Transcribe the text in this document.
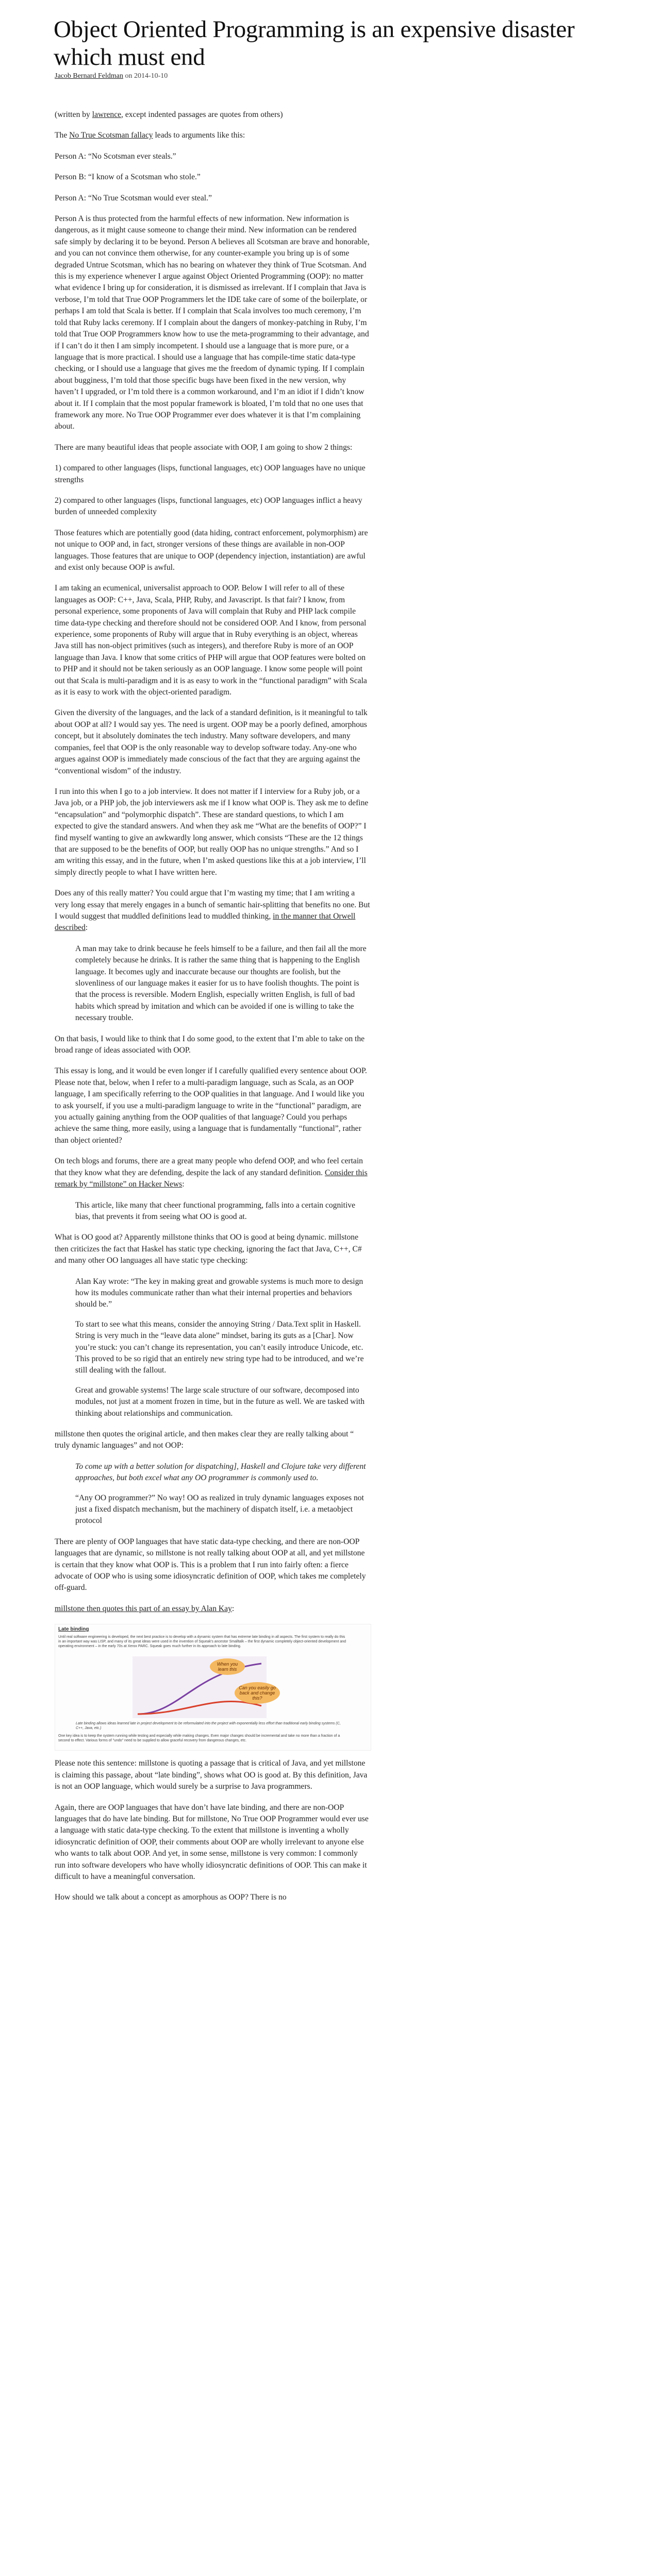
Object Oriented Programming is an expensive disaster which must end
Jacob Bernard Feldman on 2014-10-10

(written by lawrence, except indented passages are quotes from others)

The No True Scotsman fallacy leads to arguments like this:

Person A: “No Scotsman ever steals.”

Person B: “I know of a Scotsman who stole.”

Person A: “No True Scotsman would ever steal.”

Person A is thus protected from the harmful effects of new information. New information is dangerous, as it might cause someone to change their mind. New information can be rendered safe simply by declaring it to be beyond. Person A believes all Scotsman are brave and honorable, and you can not convince them otherwise, for any counter-example you bring up is of some degraded Untrue Scotsman, which has no bearing on whatever they think of True Scotsman. And this is my experience whenever I argue against Object Oriented Programming (OOP): no matter what evidence I bring up for consideration, it is dismissed as irrelevant. If I complain that Java is verbose, I’m told that True OOP Programmers let the IDE take care of some of the boilerplate, or perhaps I am told that Scala is better. If I complain that Scala involves too much ceremony, I’m told that Ruby lacks ceremony. If I complain about the dangers of monkey-patching in Ruby, I’m told that True OOP Programmers know how to use the meta-programming to their advantage, and if I can’t do it then I am simply incompetent. I should use a language that is more pure, or a language that is more practical. I should use a language that has compile-time static data-type checking, or I should use a language that gives me the freedom of dynamic typing. If I complain about bugginess, I’m told that those specific bugs have been fixed in the new version, why haven’t I upgraded, or I’m told there is a common workaround, and I’m an idiot if I didn’t know about it. If I complain that the most popular framework is bloated, I’m told that no one uses that framework any more. No True OOP Programmer ever does whatever it is that I’m complaining about.

There are many beautiful ideas that people associate with OOP, I am going to show 2 things:

1) compared to other languages (lisps, functional languages, etc) OOP languages have no unique strengths

2) compared to other languages (lisps, functional languages, etc) OOP languages inflict a heavy burden of unneeded complexity

Those features which are potentially good (data hiding, contract enforcement, polymorphism) are not unique to OOP and, in fact, stronger versions of these things are available in non-OOP languages. Those features that are unique to OOP (dependency injection, instantiation) are awful and exist only because OOP is awful.

I am taking an ecumenical, universalist approach to OOP. Below I will refer to all of these languages as OOP: C++, Java, Scala, PHP, Ruby, and Javascript. Is that fair? I know, from personal experience, some proponents of Java will complain that Ruby and PHP lack compile time data-type checking and therefore should not be considered OOP. And I know, from personal experience, some proponents of Ruby will argue that in Ruby everything is an object, whereas Java still has non-object primitives (such as integers), and therefore Ruby is more of an OOP language than Java. I know that some critics of PHP will argue that OOP features were bolted on to PHP and it should not be taken seriously as an OOP language. I know some people will point out that Scala is multi-paradigm and it is as easy to work in the “functional paradigm” with Scala as it is easy to work with the object-oriented paradigm.

Given the diversity of the languages, and the lack of a standard definition, is it meaningful to talk about OOP at all? I would say yes. The need is urgent. OOP may be a poorly defined, amorphous concept, but it absolutely dominates the tech industry. Many software developers, and many companies, feel that OOP is the only reasonable way to develop software today. Any-one who argues against OOP is immediately made conscious of the fact that they are arguing against the “conventional wisdom” of the industry.

I run into this when I go to a job interview. It does not matter if I interview for a Ruby job, or a Java job, or a PHP job, the job interviewers ask me if I know what OOP is. They ask me to define “encapsulation” and “polymorphic dispatch”. These are standard questions, to which I am expected to give the standard answers. And when they ask me “What are the benefits of OOP?” I find myself wanting to give an awkwardly long answer, which consists “These are the 12 things that are supposed to be the benefits of OOP, but really OOP has no unique strengths.” And so I am writing this essay, and in the future, when I’m asked questions like this at a job interview, I’ll simply directly people to what I have written here.

Does any of this really matter? You could argue that I’m wasting my time; that I am writing a very long essay that merely engages in a bunch of semantic hair-splitting that benefits no one. But I would suggest that muddled definitions lead to muddled thinking, in the manner that Orwell described:

A man may take to drink because he feels himself to be a failure, and then fail all the more completely because he drinks. It is rather the same thing that is happening to the English language. It becomes ugly and inaccurate because our thoughts are foolish, but the slovenliness of our language makes it easier for us to have foolish thoughts. The point is that the process is reversible. Modern English, especially written English, is full of bad habits which spread by imitation and which can be avoided if one is willing to take the necessary trouble.

On that basis, I would like to think that I do some good, to the extent that I’m able to take on the broad range of ideas associated with OOP.

This essay is long, and it would be even longer if I carefully qualified every sentence about OOP. Please note that, below, when I refer to a multi-paradigm language, such as Scala, as an OOP language, I am specifically referring to the OOP qualities in that language. And I would like you to ask yourself, if you use a multi-paradigm language to write in the “functional” paradigm, are you actually gaining anything from the OOP qualities of that language? Could you perhaps achieve the same thing, more easily, using a language that is fundamentally “functional”, rather than object oriented?

On tech blogs and forums, there are a great many people who defend OOP, and who feel certain that they know what they are defending, despite the lack of any standard definition. Consider this remark by “millstone” on Hacker News:

This article, like many that cheer functional programming, falls into a certain cognitive bias, that prevents it from seeing what OO is good at.

What is OO good at? Apparently millstone thinks that OO is good at being dynamic. millstone then criticizes the fact that Haskel has static type checking, ignoring the fact that Java, C++, C# and many other OO languages all have static type checking:

Alan Kay wrote: “The key in making great and growable systems is much more to design how its modules communicate rather than what their internal properties and behaviors should be.”

To start to see what this means, consider the annoying String / Data.Text split in Haskell. String is very much in the “leave data alone” mindset, baring its guts as a [Char]. Now you’re stuck: you can’t change its representation, you can’t easily introduce Unicode, etc. This proved to be so rigid that an entirely new string type had to be introduced, and we’re still dealing with the fallout.

Great and growable systems! The large scale structure of our software, decomposed into modules, not just at a moment frozen in time, but in the future as well. We are tasked with thinking about relationships and communication.

millstone then quotes the original article, and then makes clear they are really talking about “ truly dynamic languages” and not OOP:

To come up with a better solution for dispatching], Haskell and Clojure take very different approaches, but both excel what any OO programmer is commonly used to.

“Any OO programmer?” No way! OO as realized in truly dynamic languages exposes not just a fixed dispatch mechanism, but the machinery of dispatch itself, i.e. a metaobject protocol

There are plenty of OOP languages that have static data-type checking, and there are non-OOP languages that are dynamic, so millstone is not really talking about OOP at all, and yet millstone is certain that they know what OOP is. This is a problem that I run into fairly often: a fierce advocate of OOP who is using some idiosyncratic definition of OOP, which takes me completely off-guard.

millstone then quotes this part of an essay by Alan Kay:

Late binding
Until real software engineering is developed, the next best practice is to develop with a dynamic system that has extreme late binding in all aspects. The first system to really do this in an important way was LISP, and many of its great ideas were used in the invention of Squeak's ancestor Smalltalk – the first dynamic completely object-oriented development and operating environment – in the early 70s at Xerox PARC. Squeak goes much further in its approach to late binding.
When you learn this
Can you easily go back and change this?
Late binding allows ideas learned late in project development to be reformulated into the project with exponentially less effort than traditional early binding systems (C, C++, Java, etc.)
One key idea is to keep the system running while testing and especially while making changes. Even major changes should be incremental and take no more than a fraction of a second to effect. Various forms of "undo" need to be supplied to allow graceful recovery from dangerous changes, etc.

Please note this sentence: millstone is quoting a passage that is critical of Java, and yet millstone is claiming this passage, about “late binding”, shows what OO is good at. By this definition, Java is not an OOP language, which would surely be a surprise to Java programmers.

Again, there are OOP languages that have don’t have late binding, and there are non-OOP languages that do have late binding. But for millstone, No True OOP Programmer would ever use a language with static data-type checking. To the extent that millstone is inventing a wholly idiosyncratic definition of OOP, their comments about OOP are wholly irrelevant to anyone else who wants to talk about OOP. And yet, in some sense, millstone is very common: I commonly run into software developers who have wholly idiosyncratic definitions of OOP. This can make it difficult to have a meaningful conversation.

How should we talk about a concept as amorphous as OOP? There is no
